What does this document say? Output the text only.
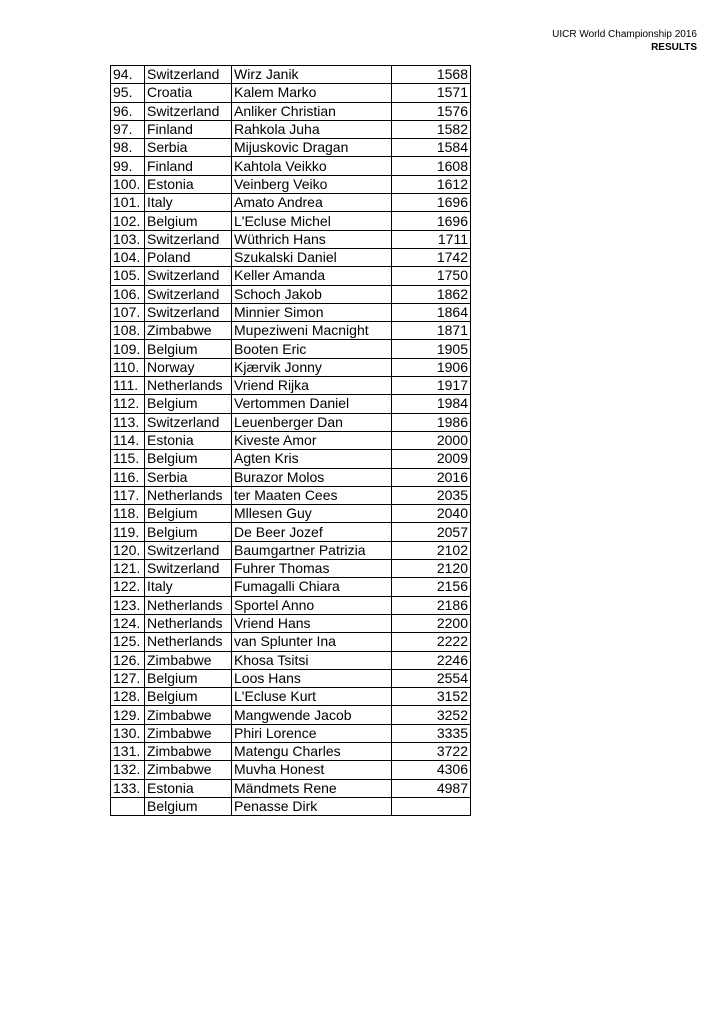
UICR World Championship 2016
RESULTS
94.	Switzerland	Wirz Janik	1568
95.	Croatia	Kalem Marko	1571
96.	Switzerland	Anliker Christian	1576
97.	Finland	Rahkola Juha	1582
98.	Serbia	Mijuskovic Dragan	1584
99.	Finland	Kahtola Veikko	1608
100.	Estonia	Veinberg Veiko	1612
101.	Italy	Amato Andrea	1696
102.	Belgium	L'Ecluse Michel	1696
103.	Switzerland	Wüthrich Hans	1711
104.	Poland	Szukalski Daniel	1742
105.	Switzerland	Keller Amanda	1750
106.	Switzerland	Schoch Jakob	1862
107.	Switzerland	Minnier Simon	1864
108.	Zimbabwe	Mupeziweni Macnight	1871
109.	Belgium	Booten Eric	1905
110.	Norway	Kjærvik Jonny	1906
111.	Netherlands	Vriend Rijka	1917
112.	Belgium	Vertommen Daniel	1984
113.	Switzerland	Leuenberger Dan	1986
114.	Estonia	Kiveste Amor	2000
115.	Belgium	Agten Kris	2009
116.	Serbia	Burazor Molos	2016
117.	Netherlands	ter Maaten Cees	2035
118.	Belgium	Mllesen Guy	2040
119.	Belgium	De Beer Jozef	2057
120.	Switzerland	Baumgartner Patrizia	2102
121.	Switzerland	Fuhrer Thomas	2120
122.	Italy	Fumagalli Chiara	2156
123.	Netherlands	Sportel Anno	2186
124.	Netherlands	Vriend Hans	2200
125.	Netherlands	van Splunter Ina	2222
126.	Zimbabwe	Khosa Tsitsi	2246
127.	Belgium	Loos Hans	2554
128.	Belgium	L'Ecluse Kurt	3152
129.	Zimbabwe	Mangwende Jacob	3252
130.	Zimbabwe	Phiri Lorence	3335
131.	Zimbabwe	Matengu Charles	3722
132.	Zimbabwe	Muvha Honest	4306
133.	Estonia	Mändmets Rene	4987
	Belgium	Penasse Dirk	
